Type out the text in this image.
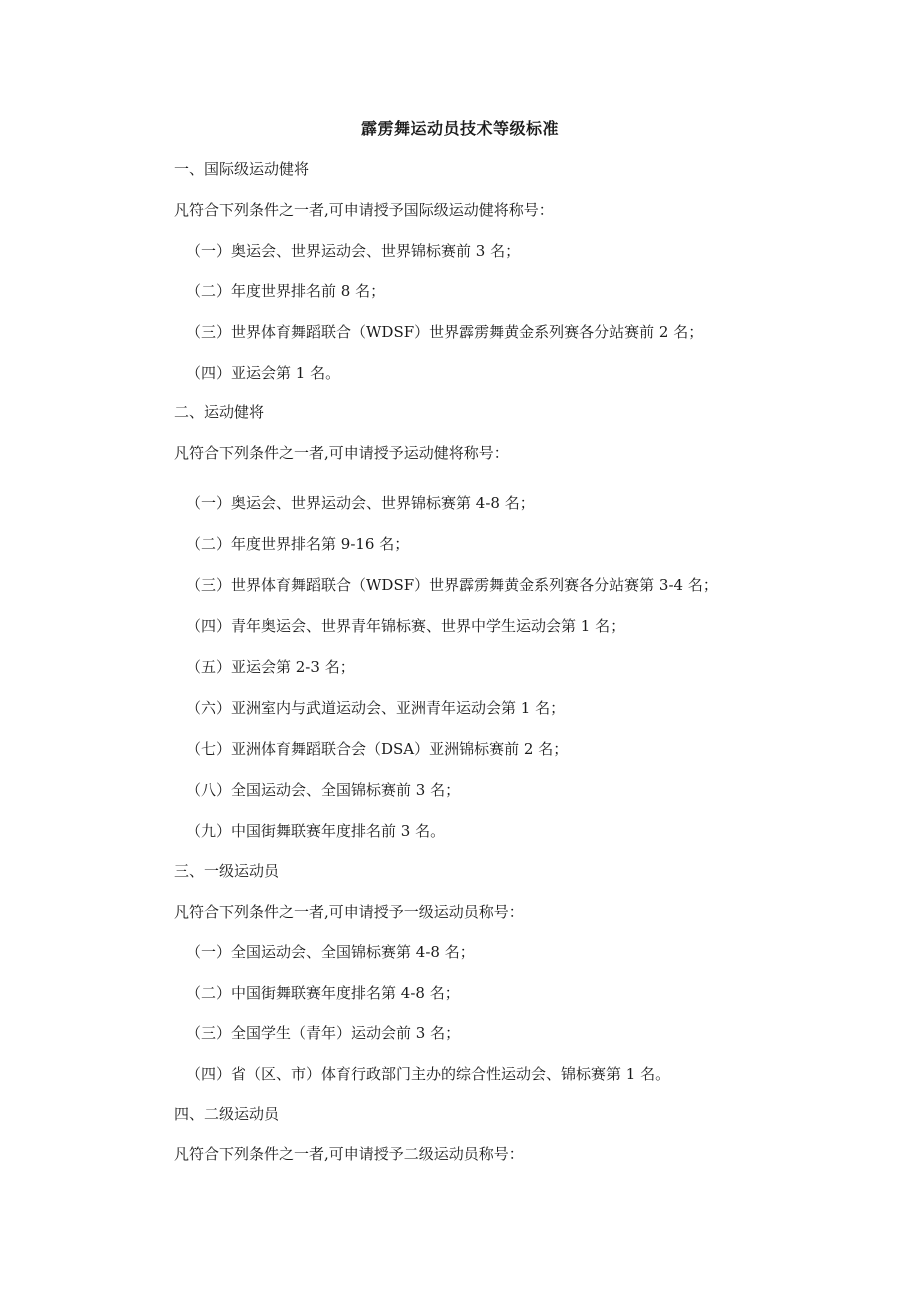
霹雳舞运动员技术等级标准
一、国际级运动健将
凡符合下列条件之一者,可申请授予国际级运动健将称号：
（一）奥运会、世界运动会、世界锦标赛前 3 名；
（二）年度世界排名前 8 名；
（三）世界体育舞蹈联合（WDSF）世界霹雳舞黄金系列赛各分站赛前 2 名；
（四）亚运会第 1 名。
二、运动健将
凡符合下列条件之一者,可申请授予运动健将称号：
（一）奥运会、世界运动会、世界锦标赛第 4-8 名；
（二）年度世界排名第 9-16 名；
（三）世界体育舞蹈联合（WDSF）世界霹雳舞黄金系列赛各分站赛第 3-4 名；
（四）青年奥运会、世界青年锦标赛、世界中学生运动会第 1 名；
（五）亚运会第 2-3 名；
（六）亚洲室内与武道运动会、亚洲青年运动会第 1 名；
（七）亚洲体育舞蹈联合会（DSA）亚洲锦标赛前 2 名；
（八）全国运动会、全国锦标赛前 3 名；
（九）中国街舞联赛年度排名前 3 名。
三、一级运动员
凡符合下列条件之一者,可申请授予一级运动员称号：
（一）全国运动会、全国锦标赛第 4-8 名；
（二）中国街舞联赛年度排名第 4-8 名；
（三）全国学生（青年）运动会前 3 名；
（四）省（区、市）体育行政部门主办的综合性运动会、锦标赛第 1 名。
四、二级运动员
凡符合下列条件之一者,可申请授予二级运动员称号：
